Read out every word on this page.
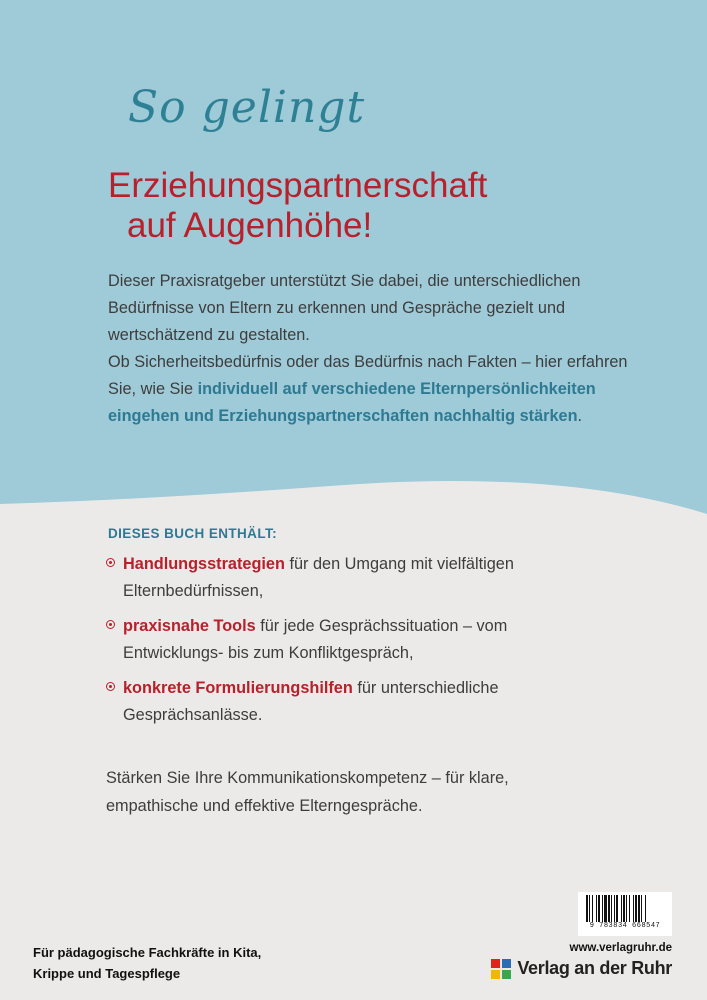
So gelingt
Erziehungspartnerschaft
auf Augenhöhe!
Dieser Praxisratgeber unterstützt Sie dabei, die unterschiedlichen Bedürfnisse von Eltern zu erkennen und Gespräche gezielt und wertschätzend zu gestalten.
Ob Sicherheitsbedürfnis oder das Bedürfnis nach Fakten – hier erfahren Sie, wie Sie individuell auf verschiedene Elternpersönlichkeiten eingehen und Erziehungspartnerschaften nachhaltig stärken.
DIESES BUCH ENTHÄLT:
Handlungsstrategien für den Umgang mit vielfältigen Elternbedürfnissen,
praxisnahe Tools für jede Gesprächssituation – vom Entwicklungs- bis zum Konfliktgespräch,
konkrete Formulierungshilfen für unterschiedliche Gesprächsanlässe.
Stärken Sie Ihre Kommunikationskompetenz – für klare, empathische und effektive Elterngespräche.
Für pädagogische Fachkräfte in Kita,
Krippe und Tagespflege
9 783834 668547
www.verlagruhr.de
Verlag an der Ruhr
